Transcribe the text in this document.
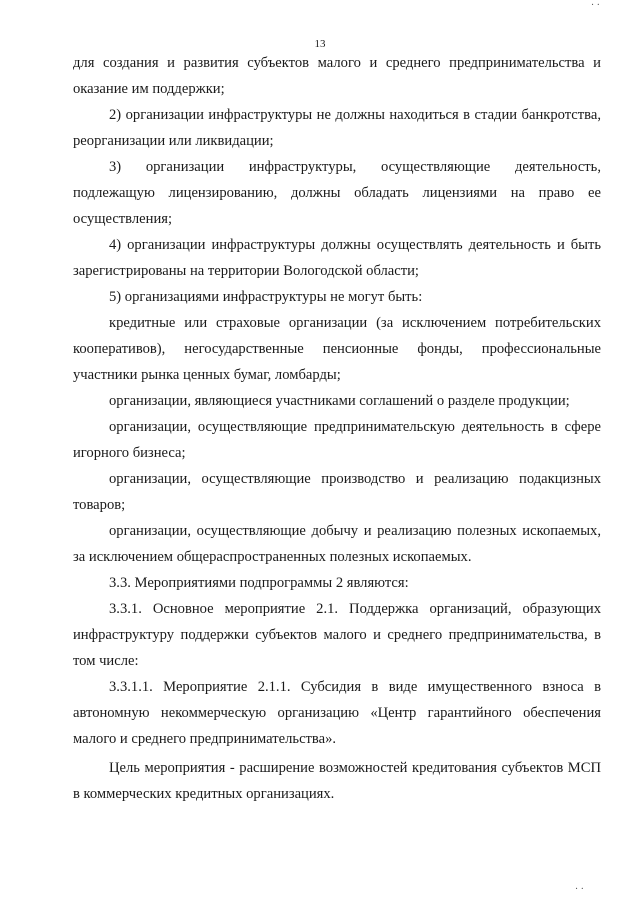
· ·
13

для создания и развития субъектов малого и среднего предпринимательства и оказание им поддержки;

2) организации инфраструктуры не должны находиться в стадии банкротства, реорганизации или ликвидации;

3) организации инфраструктуры, осуществляющие деятельность, подлежащую лицензированию, должны обладать лицензиями на право ее осуществления;

4) организации инфраструктуры должны осуществлять деятельность и быть зарегистрированы на территории Вологодской области;

5) организациями инфраструктуры не могут быть:

кредитные или страховые организации (за исключением потребительских кооперативов), негосударственные пенсионные фонды, профессиональные участники рынка ценных бумаг, ломбарды;

организации, являющиеся участниками соглашений о разделе продукции;

организации, осуществляющие предпринимательскую деятельность в сфере игорного бизнеса;

организации, осуществляющие производство и реализацию подакцизных товаров;

организации, осуществляющие добычу и реализацию полезных ископаемых, за исключением общераспространенных полезных ископаемых.

3.3. Мероприятиями подпрограммы 2 являются:

3.3.1. Основное мероприятие 2.1. Поддержка организаций, образующих инфраструктуру поддержки субъектов малого и среднего предпринимательства, в том числе:

3.3.1.1. Мероприятие 2.1.1. Субсидия в виде имущественного взноса в автономную некоммерческую организацию «Центр гарантийного обеспечения малого и среднего предпринимательства».

Цель мероприятия - расширение возможностей кредитования субъектов МСП в коммерческих кредитных организациях.

· ·
